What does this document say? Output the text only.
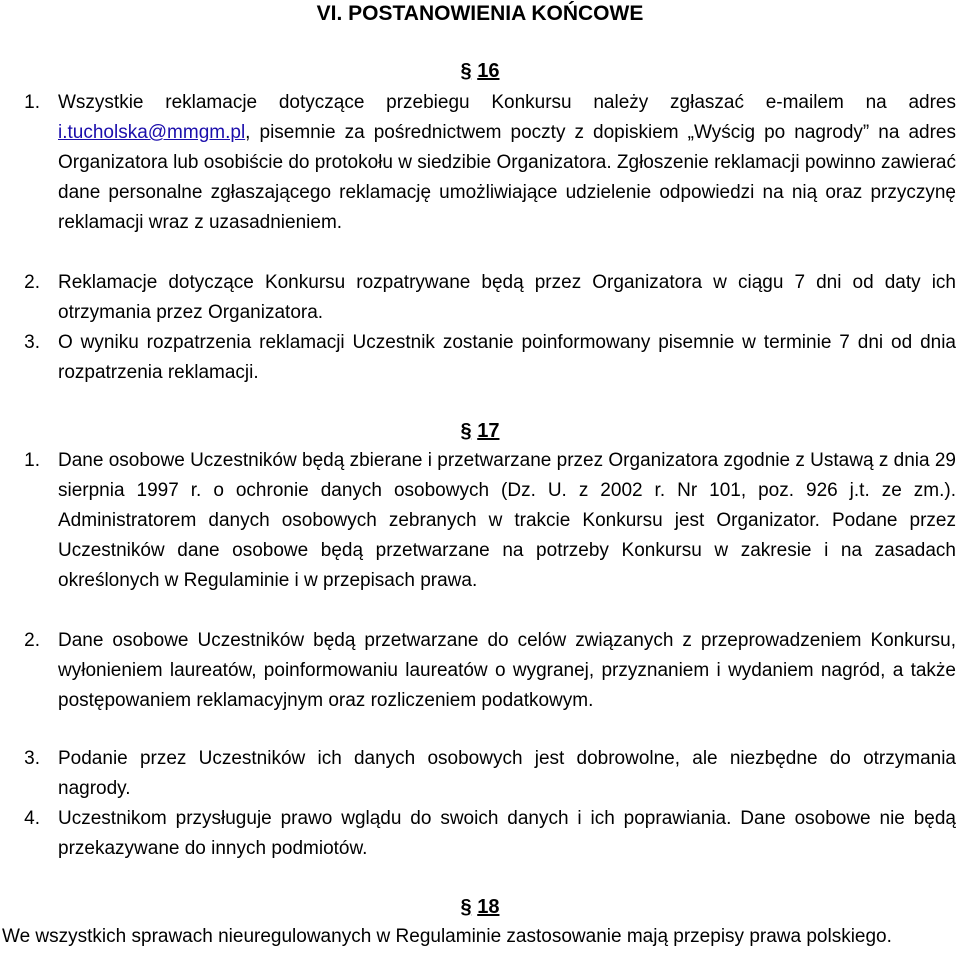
VI. POSTANOWIENIA KOŃCOWE
§ 16
1. Wszystkie reklamacje dotyczące przebiegu Konkursu należy zgłaszać e-mailem na adres i.tucholska@mmgm.pl, pisemnie za pośrednictwem poczty z dopiskiem „Wyścig po nagrody” na adres Organizatora lub osobiście do protokołu w siedzibie Organizatora. Zgłoszenie reklamacji powinno zawierać dane personalne zgłaszającego reklamację umożliwiające udzielenie odpowiedzi na nią oraz przyczynę reklamacji wraz z uzasadnieniem.
2. Reklamacje dotyczące Konkursu rozpatrywane będą przez Organizatora w ciągu 7 dni od daty ich otrzymania przez Organizatora.
3. O wyniku rozpatrzenia reklamacji Uczestnik zostanie poinformowany pisemnie w terminie 7 dni od dnia rozpatrzenia reklamacji.
§ 17
1. Dane osobowe Uczestników będą zbierane i przetwarzane przez Organizatora zgodnie z Ustawą z dnia 29 sierpnia 1997 r. o ochronie danych osobowych (Dz. U. z 2002 r. Nr 101, poz. 926 j.t. ze zm.). Administratorem danych osobowych zebranych w trakcie Konkursu jest Organizator. Podane przez Uczestników dane osobowe będą przetwarzane na potrzeby Konkursu w zakresie i na zasadach określonych w Regulaminie i w przepisach prawa.
2. Dane osobowe Uczestników będą przetwarzane do celów związanych z przeprowadzeniem Konkursu, wyłonieniem laureatów, poinformowaniu laureatów o wygranej, przyznaniem i wydaniem nagród, a także postępowaniem reklamacyjnym oraz rozliczeniem podatkowym.
3. Podanie przez Uczestników ich danych osobowych jest dobrowolne, ale niezbędne do otrzymania nagrody.
4. Uczestnikom przysługuje prawo wglądu do swoich danych i ich poprawiania. Dane osobowe nie będą przekazywane do innych podmiotów.
§ 18
We wszystkich sprawach nieuregulowanych w Regulaminie zastosowanie mają przepisy prawa polskiego.
